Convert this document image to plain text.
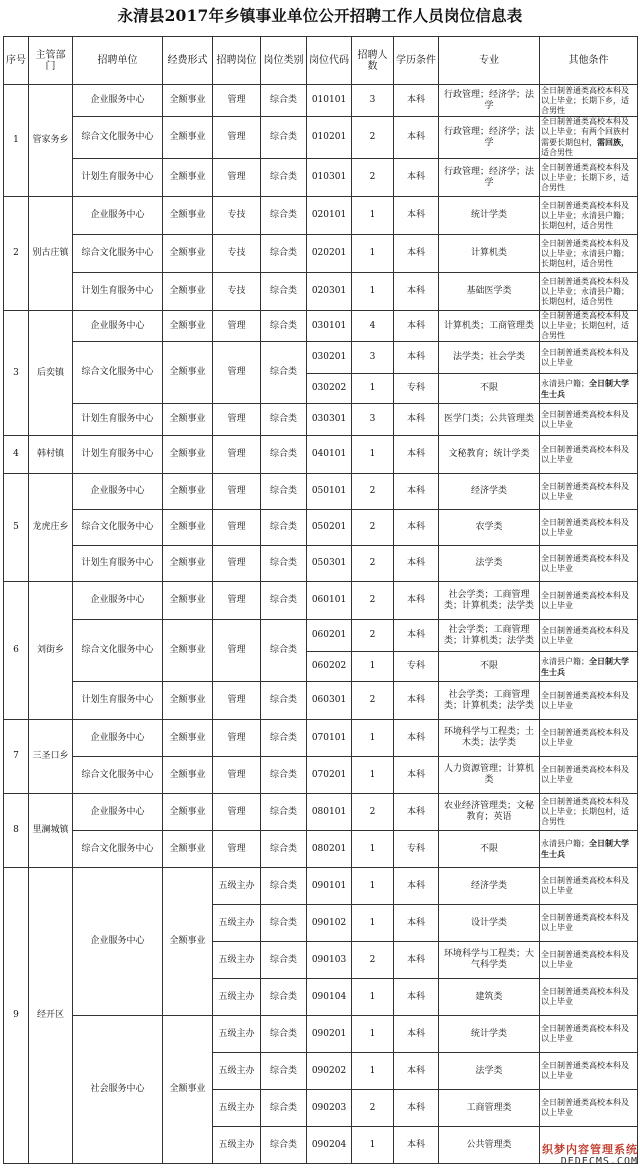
永清县2017年乡镇事业单位公开招聘工作人员岗位信息表
序号	主管部门	招聘单位	经费形式	招聘岗位	岗位类别	岗位代码	招聘人数	学历条件	专业	其他条件
1	管家务乡	企业服务中心	全额事业	管理	综合类	010101	3	本科	行政管理；经济学；法学	全日制普通类高校本科及以上毕业；长期下乡，适合男性
		综合文化服务中心	全额事业	管理	综合类	010201	2	本科	行政管理；经济学；法学	全日制普通类高校本科及以上毕业；有两个回族村需要长期包村，需回族，适合男性
		计划生育服务中心	全额事业	管理	综合类	010301	2	本科	行政管理；经济学；法学	全日制普通类高校本科及以上毕业；长期下乡，适合男性
2	别古庄镇	企业服务中心	全额事业	专技	综合类	020101	1	本科	统计学类	全日制普通类高校本科及以上毕业；永清县户籍；长期包村，适合男性
		综合文化服务中心	全额事业	专技	综合类	020201	1	本科	计算机类	全日制普通类高校本科及以上毕业；永清县户籍；长期包村，适合男性
		计划生育服务中心	全额事业	专技	综合类	020301	1	本科	基础医学类	全日制普通类高校本科及以上毕业；永清县户籍；长期包村，适合男性
3	后奕镇	企业服务中心	全额事业	管理	综合类	030101	4	本科	计算机类；工商管理类	全日制普通类高校本科及以上毕业；长期包村，适合男性
		综合文化服务中心	全额事业	管理	综合类	030201	3	本科	法学类；社会学类	全日制普通类高校本科及以上毕业
						030202	1	专科	不限	永清县户籍；全日制大学生士兵
		计划生育服务中心	全额事业	管理	综合类	030301	3	本科	医学门类；公共管理类	全日制普通类高校本科及以上毕业
4	韩村镇	计划生育服务中心	全额事业	管理	综合类	040101	1	本科	文秘教育；统计学类	全日制普通类高校本科及以上毕业
5	龙虎庄乡	企业服务中心	全额事业	管理	综合类	050101	2	本科	经济学类	全日制普通类高校本科及以上毕业
		综合文化服务中心	全额事业	管理	综合类	050201	2	本科	农学类	全日制普通类高校本科及以上毕业
		计划生育服务中心	全额事业	管理	综合类	050301	2	本科	法学类	全日制普通类高校本科及以上毕业
6	刘街乡	企业服务中心	全额事业	管理	综合类	060101	2	本科	社会学类；工商管理类；计算机类；法学类	全日制普通类高校本科及以上毕业
		综合文化服务中心	全额事业	管理	综合类	060201	2	本科	社会学类；工商管理类；计算机类；法学类	全日制普通类高校本科及以上毕业
						060202	1	专科	不限	永清县户籍；全日制大学生士兵
		计划生育服务中心	全额事业	管理	综合类	060301	2	本科	社会学类；工商管理类；计算机类；法学类	全日制普通类高校本科及以上毕业
7	三圣口乡	企业服务中心	全额事业	管理	综合类	070101	1	本科	环境科学与工程类；土木类；法学类	全日制普通类高校本科及以上毕业
		综合文化服务中心	全额事业	管理	综合类	070201	1	本科	人力资源管理；计算机类	全日制普通类高校本科及以上毕业
8	里澜城镇	企业服务中心	全额事业	管理	综合类	080101	2	本科	农业经济管理类；文秘教育；英语	全日制普通类高校本科及以上毕业；长期包村，适合男性
		综合文化服务中心	全额事业	管理	综合类	080201	1	专科	不限	永清县户籍；全日制大学生士兵
9	经开区	企业服务中心	全额事业	五级主办	综合类	090101	1	本科	经济学类	全日制普通类高校本科及以上毕业
				五级主办	综合类	090102	1	本科	设计学类	全日制普通类高校本科及以上毕业
				五级主办	综合类	090103	2	本科	环境科学与工程类；大气科学类	全日制普通类高校本科及以上毕业
				五级主办	综合类	090104	1	本科	建筑类	全日制普通类高校本科及以上毕业
		社会服务中心	全额事业	五级主办	综合类	090201	1	本科	统计学类	全日制普通类高校本科及以上毕业
				五级主办	综合类	090202	1	本科	法学类	全日制普通类高校本科及以上毕业
				五级主办	综合类	090203	2	本科	工商管理类	全日制普通类高校本科及以上毕业
				五级主办	综合类	090204	1	本科	公共管理类		织梦内容管理系统
DEDECMS.COM
